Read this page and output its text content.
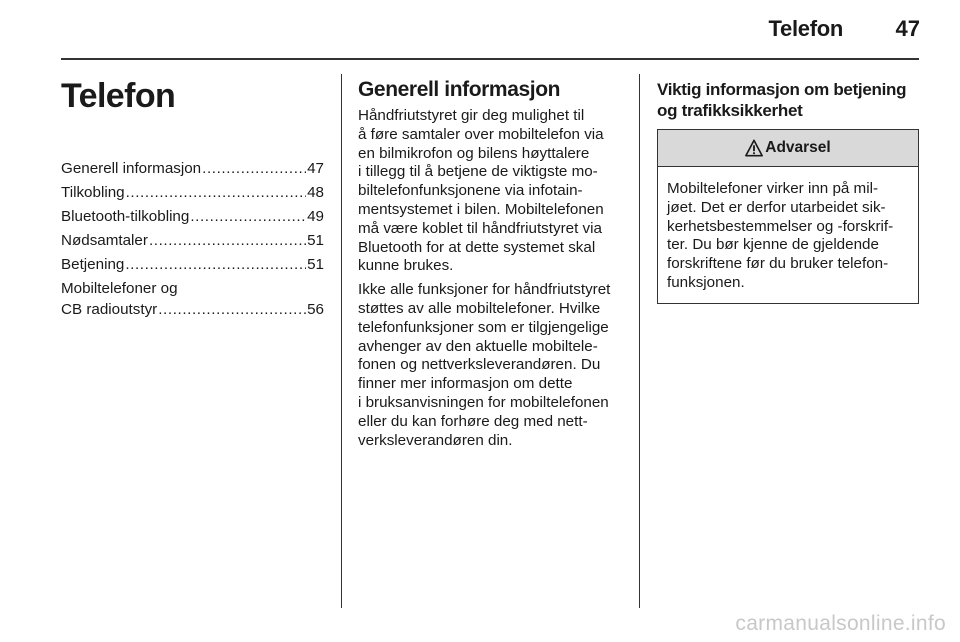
Telefon 47
Telefon
Generell informasjon .....	47
Tilkobling .....	48
Bluetooth-tilkobling .....	49
Nødsamtaler .....	51
Betjening .....	51
Mobiltelefoner og
CB radioutstyr .....	56
Generell informasjon

Håndfriutstyret gir deg mulighet til
å føre samtaler over mobiltelefon via
en bilmikrofon og bilens høyttalere
i tillegg til å betjene de viktigste mo-
biltelefonfunksjonene via infotain-
mentsystemet i bilen. Mobiltelefonen
må være koblet til håndfriutstyret via
Bluetooth for at dette systemet skal
kunne brukes.

Ikke alle funksjoner for håndfriutstyret
støttes av alle mobiltelefoner. Hvilke
telefonfunksjoner som er tilgjengelige
avhenger av den aktuelle mobiltele-
fonen og nettverksleverandøren. Du
finner mer informasjon om dette
i bruksanvisningen for mobiltelefonen
eller du kan forhøre deg med nett-
verksleverandøren din.

Viktig informasjon om betjening
og trafikksikkerhet
Advarsel
Mobiltelefoner virker inn på mil-
jøet. Det er derfor utarbeidet sik-
kerhetsbestemmelser og -forskrif-
ter. Du bør kjenne de gjeldende
forskriftene før du bruker telefon-
funksjonen.
carmanualsonline.info
